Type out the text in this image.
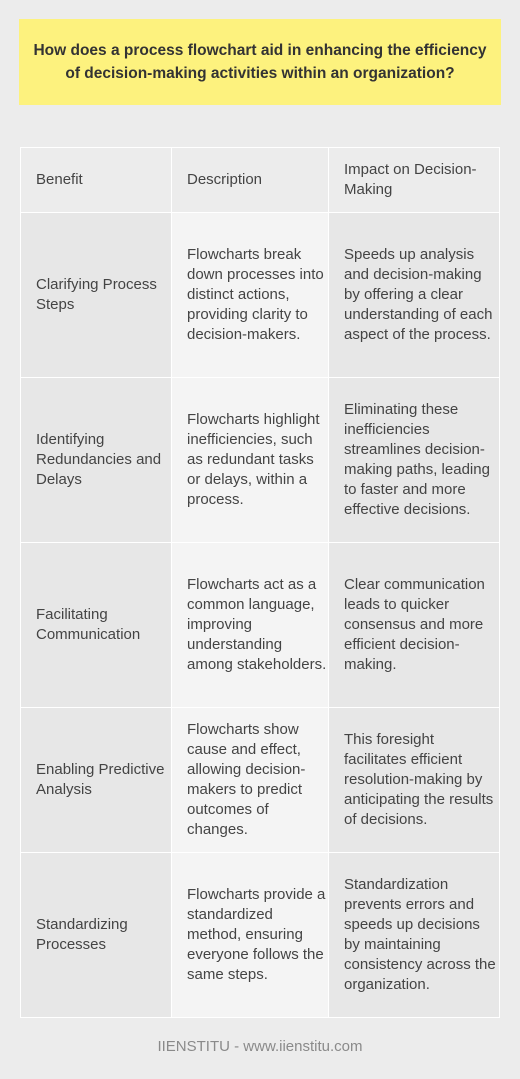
How does a process flowchart aid in enhancing the efficiency of decision-making activities within an organization?
Benefit	Description	Impact on Decision-Making
Clarifying Process Steps	Flowcharts break down processes into distinct actions, providing clarity to decision-makers.	Speeds up analysis and decision-making by offering a clear understanding of each aspect of the process.
Identifying Redundancies and Delays	Flowcharts highlight inefficiencies, such as redundant tasks or delays, within a process.	Eliminating these inefficiencies streamlines decision-making paths, leading to faster and more effective decisions.
Facilitating Communication	Flowcharts act as a common language, improving understanding among stakeholders.	Clear communication leads to quicker consensus and more efficient decision-making.
Enabling Predictive Analysis	Flowcharts show cause and effect, allowing decision-makers to predict outcomes of changes.	This foresight facilitates efficient resolution-making by anticipating the results of decisions.
Standardizing Processes	Flowcharts provide a standardized method, ensuring everyone follows the same steps.	Standardization prevents errors and speeds up decisions by maintaining consistency across the organization.
IIENSTITU - www.iienstitu.com
